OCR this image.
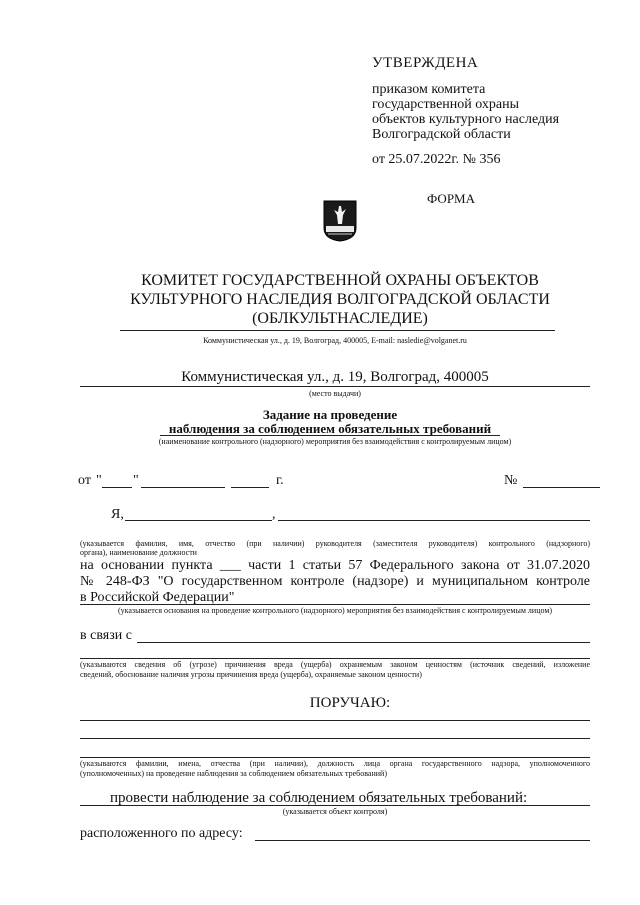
УТВЕРЖДЕНА
приказом комитета
государственной охраны
объектов культурного наследия
Волгоградской области
от 25.07.2022г. № 356
ФОРМА
КОМИТЕТ ГОСУДАРСТВЕННОЙ ОХРАНЫ ОБЪЕКТОВ
КУЛЬТУРНОГО НАСЛЕДИЯ ВОЛГОГРАДСКОЙ ОБЛАСТИ
(ОБЛКУЛЬТНАСЛЕДИЕ)
Коммунистическая ул., д. 19, Волгоград, 400005, E-mail: nasledie@volganet.ru
Коммунистическая ул., д. 19, Волгоград, 400005
(место выдачи)
Задание на проведение
наблюдения за соблюдением обязательных требований
(наименование контрольного (надзорного) мероприятия без взаимодействия с контролируемым лицом)
от " "	г.	№
Я,	,
(указывается фамилия, имя, отчество (при наличии) руководителя (заместителя руководителя) контрольного (надзорного)
органа), наименование должности
на основании пункта ___ части 1 статьи 57 Федерального закона от 31.07.2020
№ 248-ФЗ "О государственном контроле (надзоре) и муниципальном контроле
в Российской Федерации"
(указывается основания на проведение контрольного (надзорного) мероприятия без взаимодействия с контролируемым лицом)
в связи с
(указываются сведения об (угрозе) причинения вреда (ущерба) охраняемым законом ценностям (источник сведений, изложение
сведений, обоснование наличия угрозы причинения вреда (ущерба), охраняемые законом ценности)
ПОРУЧАЮ:
(указываются фамилии, имена, отчества (при наличии), должность лица органа государственного надзора, уполномоченного
(уполномоченных) на проведение наблюдения за соблюдением обязательных требований)
провести наблюдение за соблюдением обязательных требований:
(указывается объект контроля)
расположенного по адресу:
